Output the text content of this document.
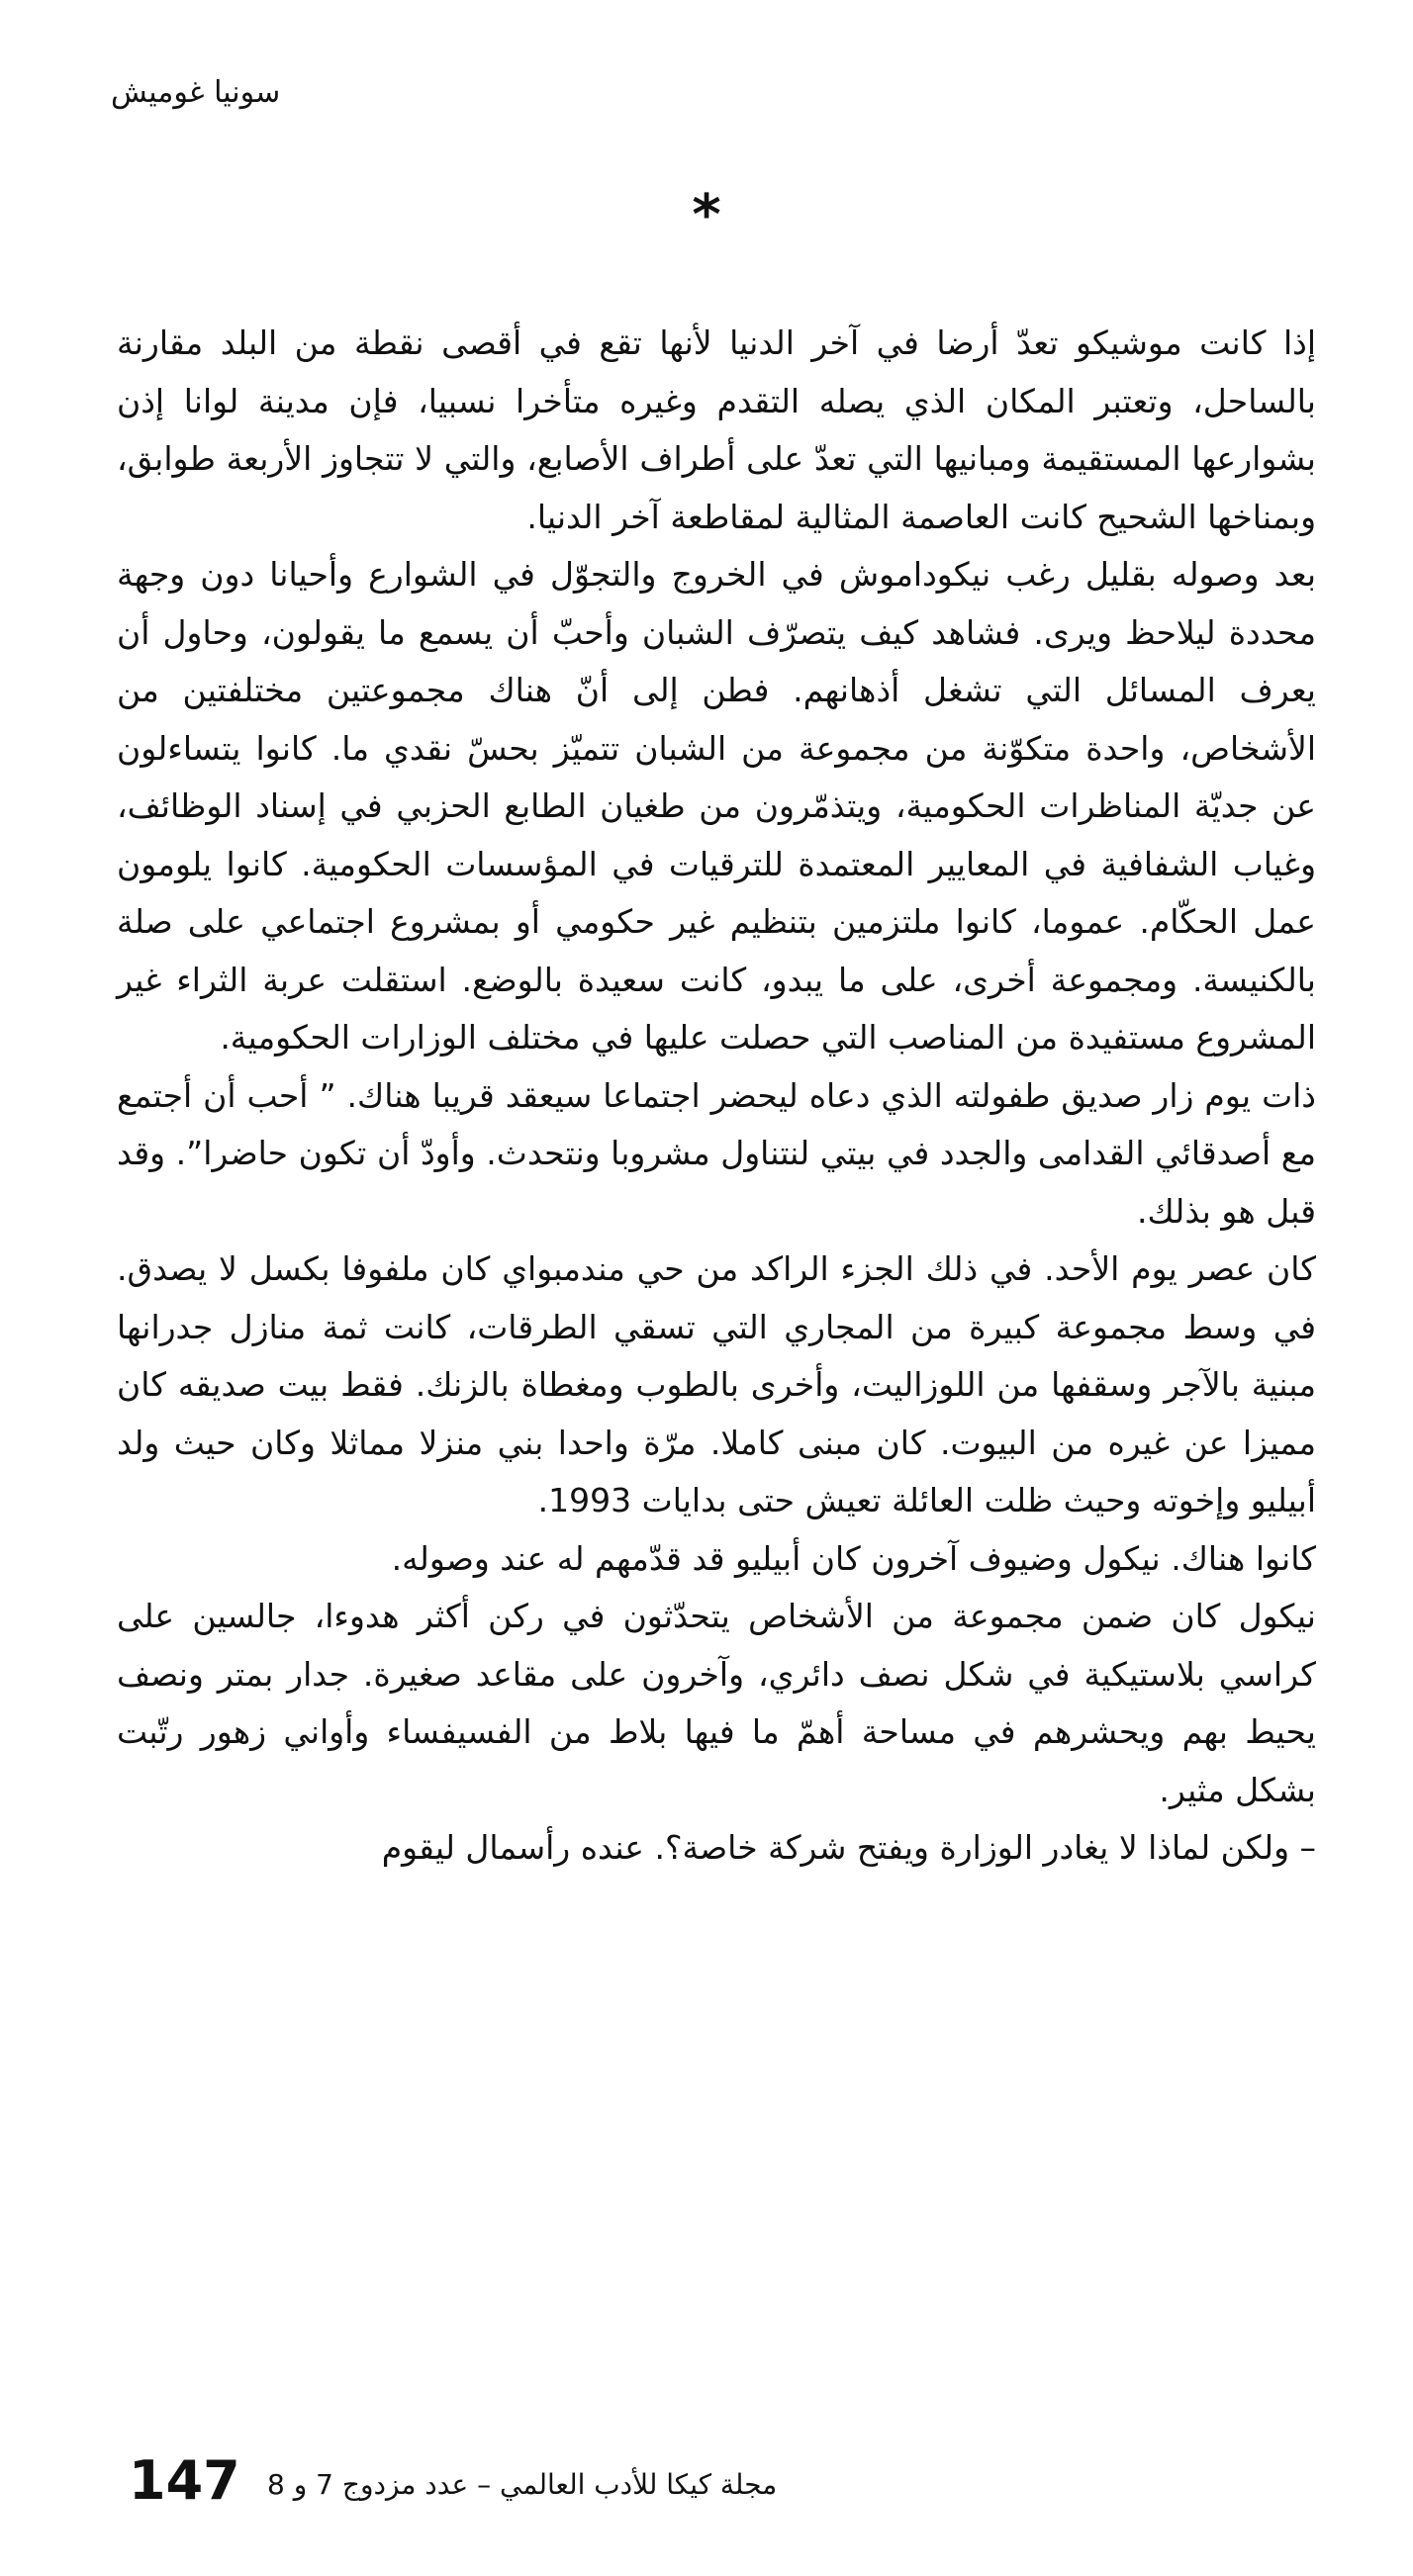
سونيا غوميش
*

إذا كانت موشيكو تعدّ أرضا في آخر الدنيا لأنها تقع في أقصى نقطة من البلد مقارنة بالساحل، وتعتبر المكان الذي يصله التقدم وغيره متأخرا نسبيا، فإن مدينة لوانا إذن بشوارعها المستقيمة ومبانيها التي تعدّ على أطراف الأصابع، والتي لا تتجاوز الأربعة طوابق، وبمناخها الشحيح كانت العاصمة المثالية لمقاطعة آخر الدنيا.

بعد وصوله بقليل رغب نيكوداموش في الخروج والتجوّل في الشوارع وأحيانا دون وجهة محددة ليلاحظ ويرى. فشاهد كيف يتصرّف الشبان وأحبّ أن يسمع ما يقولون، وحاول أن يعرف المسائل التي تشغل أذهانهم. فطن إلى أنّ هناك مجموعتين مختلفتين من الأشخاص، واحدة متكوّنة من مجموعة من الشبان تتميّز بحسّ نقدي ما. كانوا يتساءلون عن جديّة المناظرات الحكومية، ويتذمّرون من طغيان الطابع الحزبي في إسناد الوظائف، وغياب الشفافية في المعايير المعتمدة للترقيات في المؤسسات الحكومية. كانوا يلومون عمل الحكّام. عموما، كانوا ملتزمين بتنظيم غير حكومي أو بمشروع اجتماعي على صلة بالكنيسة. ومجموعة أخرى، على ما يبدو، كانت سعيدة بالوضع. استقلت عربة الثراء غير المشروع مستفيدة من المناصب التي حصلت عليها في مختلف الوزارات الحكومية.

ذات يوم زار صديق طفولته الذي دعاه ليحضر اجتماعا سيعقد قريبا هناك. ” أحب أن أجتمع مع أصدقائي القدامى والجدد في بيتي لنتناول مشروبا ونتحدث. وأودّ أن تكون حاضرا”. وقد قبل هو بذلك.

كان عصر يوم الأحد. في ذلك الجزء الراكد من حي مندمبواي كان ملفوفا بكسل لا يصدق. في وسط مجموعة كبيرة من المجاري التي تسقي الطرقات، كانت ثمة منازل جدرانها مبنية بالآجر وسقفها من اللوزاليت، وأخرى بالطوب ومغطاة بالزنك. فقط بيت صديقه كان مميزا عن غيره من البيوت. كان مبنى كاملا. مرّة واحدا بني منزلا مماثلا وكان حيث ولد أبيليو وإخوته وحيث ظلت العائلة تعيش حتى بدايات 1993.

كانوا هناك. نيكول وضيوف آخرون كان أبيليو قد قدّمهم له عند وصوله.

نيكول كان ضمن مجموعة من الأشخاص يتحدّثون في ركن أكثر هدوءا، جالسين على كراسي بلاستيكية في شكل نصف دائري، وآخرون على مقاعد صغيرة. جدار بمتر ونصف يحيط بهم ويحشرهم في مساحة أهمّ ما فيها بلاط من الفسيفساء وأواني زهور رتّبت بشكل مثير.

– ولكن لماذا لا يغادر الوزارة ويفتح شركة خاصة؟. عنده رأسمال ليقوم

147 مجلة كيكا للأدب العالمي – عدد مزدوج 7 و 8
